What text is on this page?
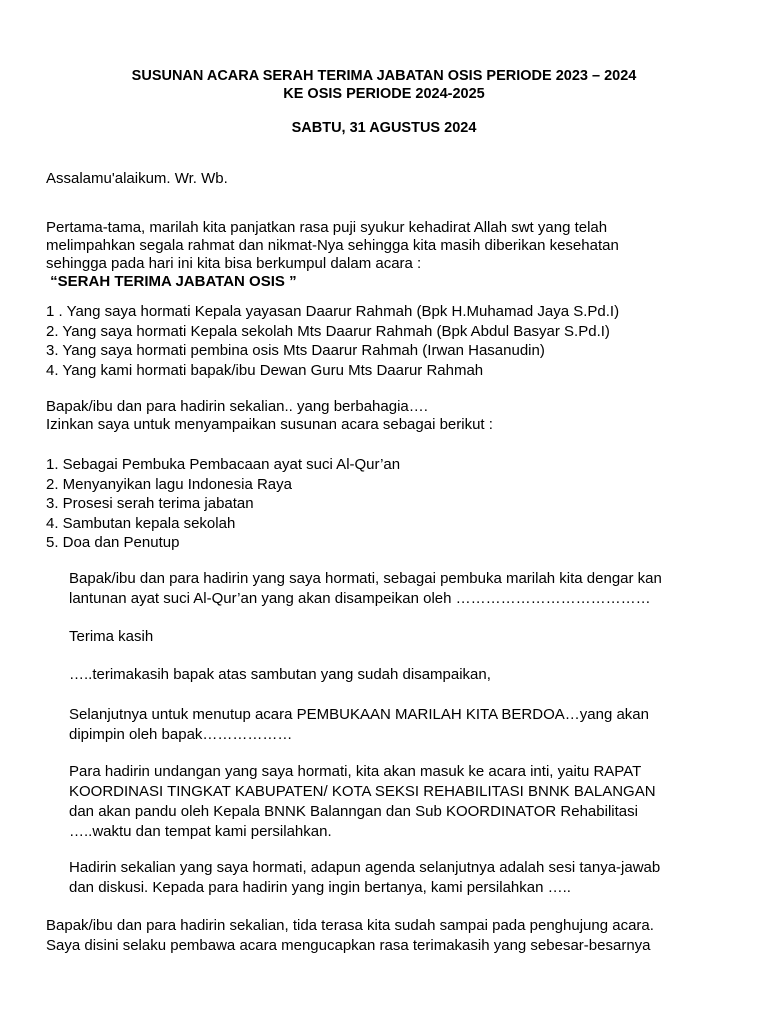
SUSUNAN ACARA SERAH TERIMA JABATAN OSIS PERIODE 2023 – 2024
KE OSIS PERIODE 2024-2025
SABTU, 31 AGUSTUS 2024
Assalamu'alaikum. Wr. Wb.
Pertama-tama, marilah kita panjatkan rasa puji syukur kehadirat Allah swt yang telah
melimpahkan segala rahmat dan nikmat-Nya sehingga kita masih diberikan kesehatan
sehingga pada hari ini kita bisa berkumpul dalam acara :
“SERAH TERIMA JABATAN OSIS ”
1 . Yang saya hormati Kepala yayasan Daarur Rahmah (Bpk H.Muhamad Jaya S.Pd.I)
2. Yang saya hormati Kepala sekolah Mts Daarur Rahmah (Bpk Abdul Basyar S.Pd.I)
3. Yang saya hormati pembina osis Mts Daarur Rahmah (Irwan Hasanudin)
4. Yang kami hormati bapak/ibu Dewan Guru Mts Daarur Rahmah
Bapak/ibu dan para hadirin sekalian.. yang berbahagia….
Izinkan saya untuk menyampaikan susunan acara sebagai berikut :
1. Sebagai Pembuka Pembacaan ayat suci Al-Qur’an
2. Menyanyikan lagu Indonesia Raya
3. Prosesi serah terima jabatan
4. Sambutan kepala sekolah
5. Doa dan Penutup
Bapak/ibu dan para hadirin yang saya hormati, sebagai pembuka marilah kita dengar kan
lantunan ayat suci Al-Qur’an yang akan disampeikan oleh …………………………………
Terima kasih
…..terimakasih bapak atas sambutan yang sudah disampaikan,
Selanjutnya untuk menutup acara PEMBUKAAN MARILAH KITA BERDOA…yang akan
dipimpin oleh bapak………………
Para hadirin undangan yang saya hormati, kita akan masuk ke acara inti, yaitu RAPAT
KOORDINASI TINGKAT KABUPATEN/ KOTA SEKSI REHABILITASI BNNK BALANGAN
dan akan pandu oleh Kepala BNNK Balanngan dan Sub KOORDINATOR Rehabilitasi
…..waktu dan tempat kami persilahkan.
Hadirin sekalian yang saya hormati, adapun agenda selanjutnya adalah sesi tanya-jawab
dan diskusi. Kepada para hadirin yang ingin bertanya, kami persilahkan …..
Bapak/ibu dan para hadirin sekalian, tida terasa kita sudah sampai pada penghujung acara.
Saya disini selaku pembawa acara mengucapkan rasa terimakasih yang sebesar-besarnya
